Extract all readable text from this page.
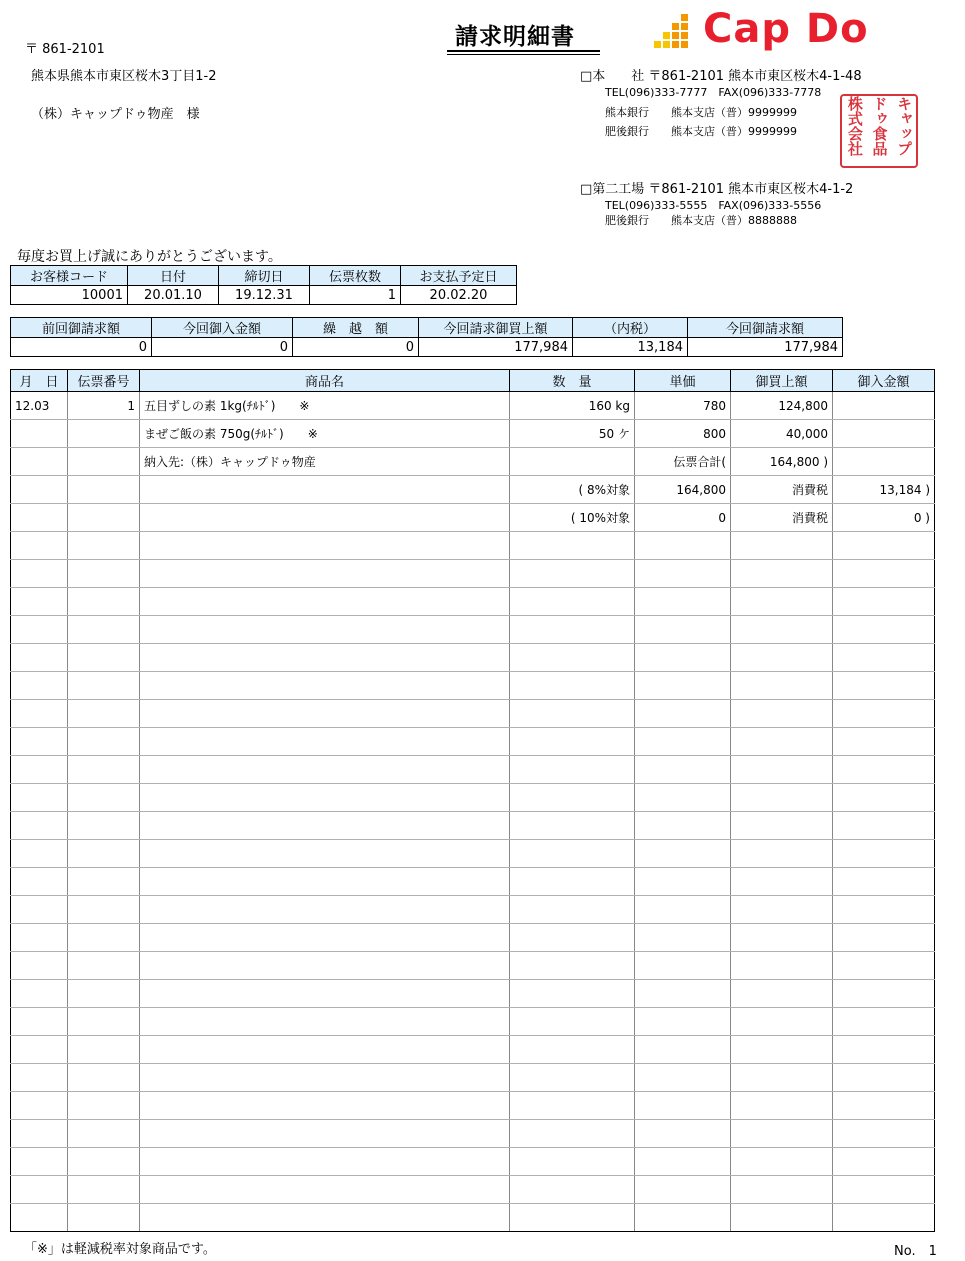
〒 861-2101
熊本県熊本市東区桜木3丁目1-2
（株）キャップドゥ物産　様
請求明細書	Cap Do
□本　　社 〒861-2101 熊本市東区桜木4-1-48
TEL(096)333-7777　FAX(096)333-7778
熊本銀行　　熊本支店（普）9999999
肥後銀行　　熊本支店（普）9999999
□第二工場 〒861-2101 熊本市東区桜木4-1-2
TEL(096)333-5555　FAX(096)333-5556
肥後銀行　　熊本支店（普）8888888
キャップ
ドゥ食品
株式会社
毎度お買上げ誠にありがとうございます。
お客様コード	日付	締切日	伝票枚数	お支払予定日
10001	20.01.10	19.12.31	1	20.02.20
前回御請求額	今回御入金額	繰　越　額	今回請求御買上額	（内税）	今回御請求額
0	0	0	177,984	13,184	177,984
月　日	伝票番号	商品名	数　量	単価	御買上額	御入金額
12.03	1	五目ずしの素 1kg(ﾁﾙﾄﾞ)　　※	160 kg	780	124,800	
		まぜご飯の素 750g(ﾁﾙﾄﾞ)　　※	50 ケ	800	40,000	
		納入先:（株）キャップドゥ物産		伝票合計(	164,800 )	
			( 8%対象	164,800	消費税	13,184 )
			( 10%対象	0	消費税	0 )

「※」は軽減税率対象商品です。	No.　1
